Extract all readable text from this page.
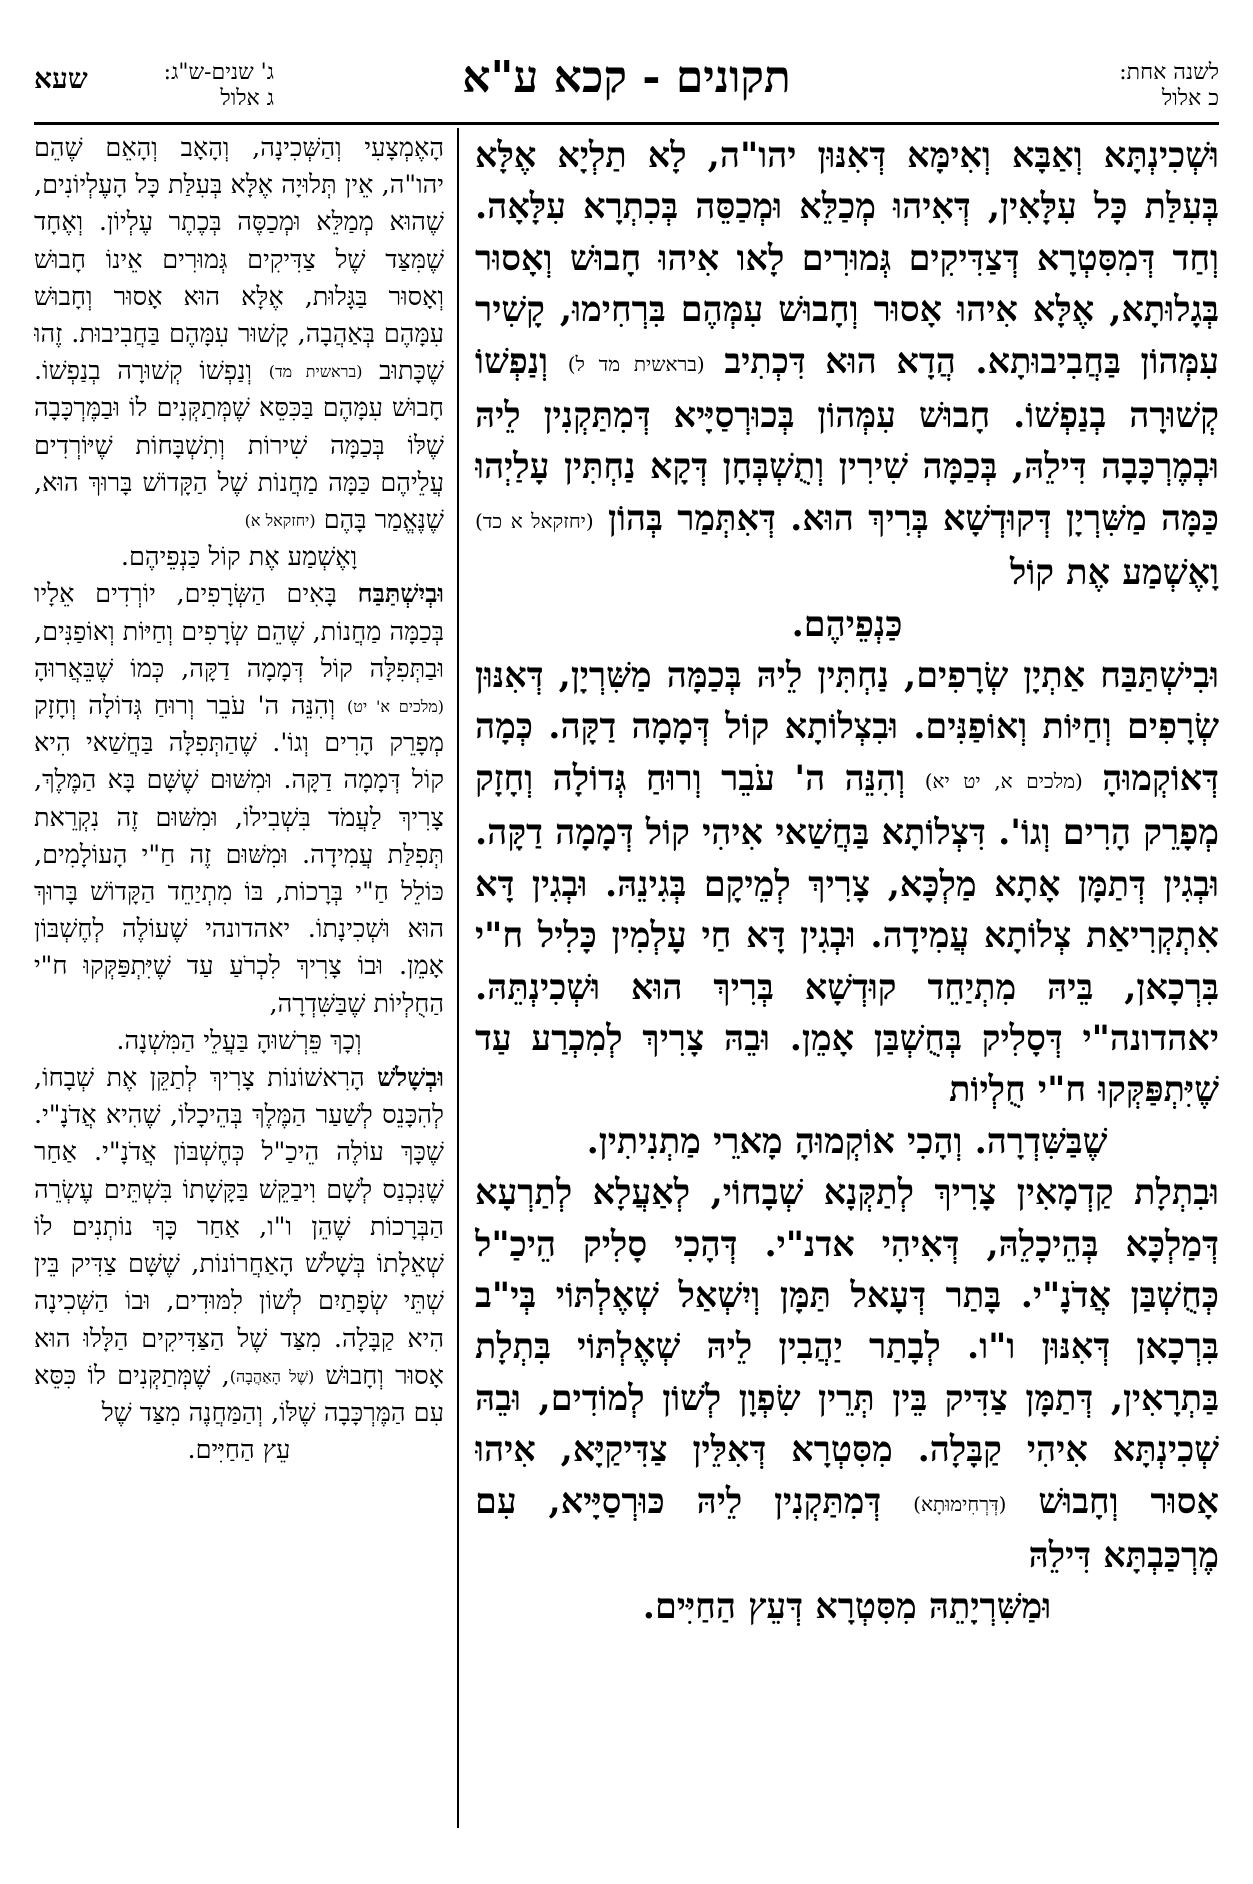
לשנה אחת:
כ אלול
תקונים - קכא ע"א
ג' שנים-ש"ג:
ג אלול
שעא

וּשְׁכִינְתָּא וְאַבָּא וְאִימָּא דְּאִנּוּן יהו"ה, לָא תַלְיָא אֶלָּא בְּעִלַּת כָּל עִלָּאִין, דְּאִיהוּ מְכַלֵּא וּמְכַסֵּה בְּכִתְרָא עִלָּאָה. וְחַד דְּמִסִּטְרָא דְּצַדִּיקִים גְּמוּרִים לָאו אִיהוּ חָבוּשׁ וְאָסוּר בְּגָלוּתָא, אֶלָּא אִיהוּ אָסוּר וְחָבוּשׁ עִמְּהֶם בִּרְחִימוּ, קָשִׁיר עִמְּהוֹן בַּחֲבִיבוּתָא. הֲדָא הוּא דִּכְתִיב (בראשית מד ל) וְנַפְשׁוֹ קְשׁוּרָה בְנַפְשׁוֹ. חָבוּשׁ עִמְּהוֹן בְּכוּרְסַיָּיא דְּמִתַּקְנִין לֵיהּ וּבְמֶרְכָּבָה דִּילֵהּ, בְּכַמָּה שִׁירִין וְתֻשְׁבְּחָן דְּקָא נַחְתִּין עָלַיְהוּ כַּמָּה מַשִּׁרְיָן דְּקוּדְשָׁא בְּרִיךְ הוּא. דְּאִתְּמַר בְּהוֹן (יחזקאל א כד) וָאֶשְׁמַע אֶת קוֹל

כַּנְפֵיהֶם.

וּבִישְׁתַּבַּח אַתְיָן שְׂרָפִים, נַחְתִּין לֵיהּ בְּכַמָּה מַשִּׁרְיָן, דְּאִנּוּן שְׂרָפִים וְחַיּוֹת וְאוֹפַנִּים. וּבִצְלוֹתָא קוֹל דְּמָמָה דַקָּה. כְּמָה דְּאוֹקְמוּהָ (מלכים א, יט יא) וְהִנֵּה ה' עֹבֵר וְרוּחַ גְּדוֹלָה וְחָזָק מְפָרֵק הָרִים וְגוֹ'. דִּצְלוֹתָא בַּחֲשַׁאי אִיהִי קוֹל דְּמָמָה דַקָּה. וּבְגִין דְּתַמָּן אָתָא מַלְכָּא, צָרִיךְ לְמֵיקָם בְּגִינֵהּ. וּבְגִין דָּא אִתְקְרִיאַת צְלוֹתָא עֲמִידָה. וּבְגִין דָּא חַי עָלְמִין כָּלִיל ח"י בִּרְכָאן, בֵּיהּ מִתְיַחֵד קוּדְשָׁא בְּרִיךְ הוּא וּשְׁכִינְתֵּהּ. יאהדונה"י דְּסָלִיק בְּחֻשְׁבַּן אָמֵן. וּבֵהּ צָרִיךְ לְמִכְרַע עַד שֶׁיִּתְפַּקְּקוּ ח"י חֻלְיוֹת

שֶׁבַּשִּׁדְרָה. וְהָכִי אוֹקְמוּהָ מָארֵי מַתְנִיתִין.

וּבִתְלָת קַדְמָאִין צָרִיךְ לְתַקְּנָא שְׁבָחוֹי, לְאַעֲלָא לְתַרְעָא דְּמַלְכָּא בְּהֵיכָלֵהּ, דְּאִיהִי אדנ"י. דְּהָכִי סָלִיק הֵיכַ"ל כְּחֻשְׁבַּן אֲדֹנָ"י. בָּתַר דְּעָאל תַּמָּן וְיִשְׁאַל שְׁאֶלְתּוֹי בְּי"ב בִּרְכָאן דְּאִנּוּן ו"ו. לְבָתַר יַהֲבִין לֵיהּ שְׁאֶלְתּוֹי בִּתְלָת בַּתְרָאִין, דְּתַמָּן צַדִּיק בֵּין תְּרֵין שִׂפְוָן לְשׁוֹן לְמוֹדִים, וּבֵהּ שְׁכִינְתָּא אִיהִי קַבָּלָה. מִסִּטְרָא דְּאִלֵּין צַדִּיקַיָּא, אִיהוּ אָסוּר וְחָבוּשׁ (דְּרְחִימוּתָא) דְּמִתַּקְנִין לֵיהּ כּוּרְסַיָּיא, עִם מֶרְכַּבְתָּא דִּילֵהּ

וּמַשִּׁרְיָתֵהּ מִסִּטְרָא דְּעֵץ הַחַיִּים.

הָאֶמְצָעִי וְהַשְּׁכִינָה, וְהָאָב וְהָאֵם שֶׁהֵם יהו"ה, אֵין תְּלוּיָה אֶלָּא בְּעִלַּת כָּל הָעֶלְיוֹנִים, שֶׁהוּא מְמַלֵּא וּמְכַסֶּה בְּכֶתֶר עֶלְיוֹן. וְאֶחָד שֶׁמִּצַּד שֶׁל צַדִּיקִים גְּמוּרִים אֵינוֹ חָבוּשׁ וְאָסוּר בַּגָּלוּת, אֶלָּא הוּא אָסוּר וְחָבוּשׁ עִמָּהֶם בְּאַהֲבָה, קָשׁוּר עִמָּהֶם בַּחֲבִיבוּת. זֶהוּ שֶׁכָּתוּב (בראשית מד) וְנַפְשׁוֹ קְשׁוּרָה בְנַפְשׁוֹ. חָבוּשׁ עִמָּהֶם בַּכִּסֵּא שֶׁמְּתַקְּנִים לוֹ וּבַמֶּרְכָּבָה שֶׁלּוֹ בְּכַמָּה שִׁירוֹת וְתִשְׁבָּחוֹת שֶׁיּוֹרְדִים עֲלֵיהֶם כַּמָּה מַחֲנוֹת שֶׁל הַקָּדוֹשׁ בָּרוּךְ הוּא, שֶׁנֶּאֱמַר בָּהֶם (יחזקאל א)

וָאֶשְׁמַע אֶת קוֹל כַּנְפֵיהֶם.

וּבְיִשְׁתַּבַּח בָּאִים הַשְּׂרָפִים, יוֹרְדִים אֵלָיו בְּכַמָּה מַחֲנוֹת, שֶׁהֵם שְׂרָפִים וְחַיּוֹת וְאוֹפַנִּים, וּבַתְּפִלָּה קוֹל דְּמָמָה דַקָּה, כְּמוֹ שֶׁבֵּאֲרוּהָ (מלכים א' יט) וְהִנֵּה ה' עֹבֵר וְרוּחַ גְּדוֹלָה וְחָזָק מְפָרֵק הָרִים וְגוֹ'. שֶׁהַתְּפִלָּה בַּחֲשַׁאי הִיא קוֹל דְּמָמָה דַקָּה. וּמִשּׁוּם שֶׁשָּׁם בָּא הַמֶּלֶךְ, צָרִיךְ לַעֲמֹד בִּשְׁבִילוֹ, וּמִשּׁוּם זֶה נִקְרֵאת תְּפִלַּת עֲמִידָה. וּמִשּׁוּם זֶה חַ"י הָעוֹלָמִים, כּוֹלֵל חַ"י בְּרָכוֹת, בּוֹ מִתְיַחֵד הַקָּדוֹשׁ בָּרוּךְ הוּא וּשְׁכִינָתוֹ. יאהדונהי שֶׁעוֹלֶה לְחֶשְׁבּוֹן אָמֵן. וּבוֹ צָרִיךְ לִכְרֹעַ עַד שֶׁיִּתְפַּקְּקוּ ח"י הַחֻלְיוֹת שֶׁבַּשִּׁדְרָה,

וְכָךְ פֵּרְשׁוּהָ בַּעֲלֵי הַמִּשְׁנָה.

וּבְשָׁלֹשׁ הָרִאשׁוֹנוֹת צָרִיךְ לְתַקֵּן אֶת שְׁבָחוֹ, לְהִכָּנֵס לְשַׁעַר הַמֶּלֶךְ בְּהֵיכָלוֹ, שֶׁהִיא אֲדֹנָ"י. שֶׁכָּךְ עוֹלֶה הֵיכַ"ל כְּחֶשְׁבּוֹן אֲדֹנָ"י. אַחַר שֶׁנִּכְנַס לְשָׁם וִיבַקֵּשׁ בַּקָּשָׁתוֹ בִּשְׁתֵּים עֶשְׂרֵה הַבְּרָכוֹת שֶׁהֵן ו"ו, אַחַר כָּךְ נוֹתְנִים לוֹ שְׁאֵלָתוֹ בְּשָׁלֹשׁ הָאַחֲרוֹנוֹת, שֶׁשָּׁם צַדִּיק בֵּין שְׁתֵּי שְׂפָתַיִם לְשׁוֹן לִמּוּדִים, וּבוֹ הַשְּׁכִינָה הִיא קַבָּלָה. מִצַּד שֶׁל הַצַּדִּיקִים הַלָּלוּ הוּא אָסוּר וְחָבוּשׁ (שֶׁל הָאַהֲבָה), שֶׁמְּתַקְּנִים לוֹ כִּסֵּא עִם הַמֶּרְכָּבָה שֶׁלּוֹ, וְהַמַּחֲנֶה מִצַּד שֶׁל

עֵץ הַחַיִּים.
